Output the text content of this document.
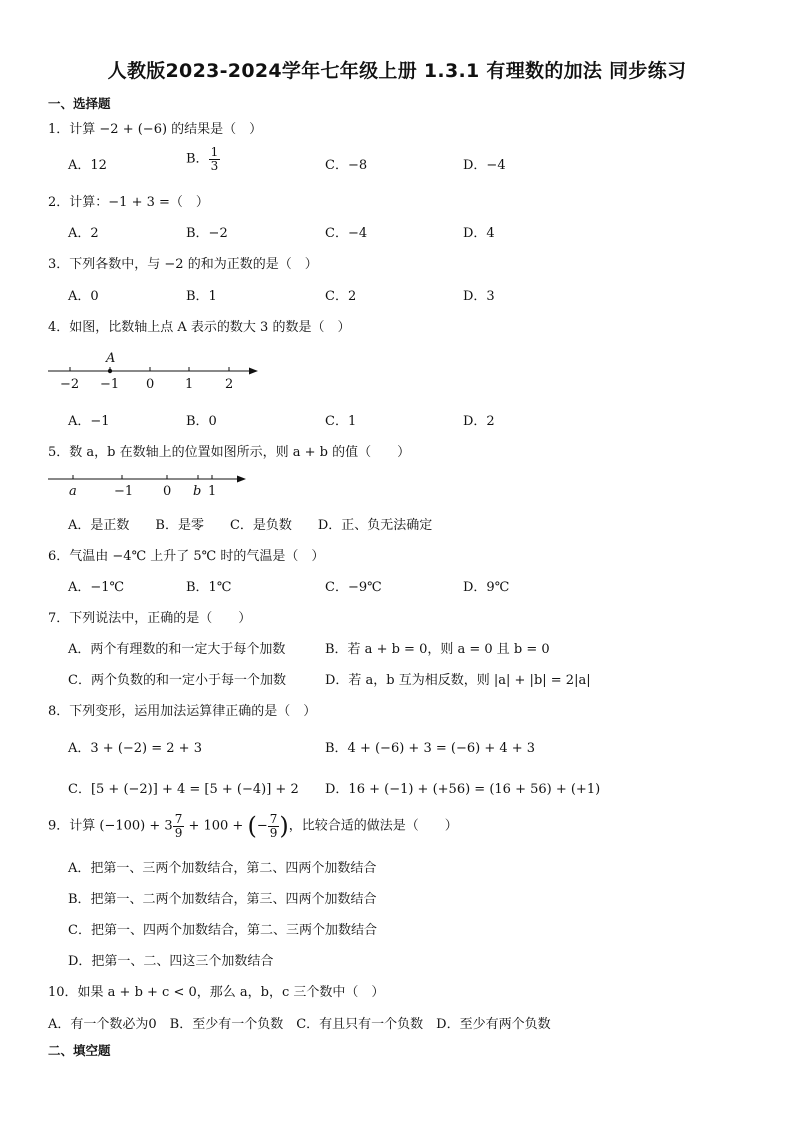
人教版2023-2024学年七年级上册 1.3.1 有理数的加法 同步练习
一、选择题
1．计算 −2 + (−6) 的结果是（　）
A．12	B． $\frac{1}{3}$	C．−8	D．−4
2．计算：−1 + 3 =（　）
A．2	B．−2	C．−4	D．4
3．下列各数中，与 −2 的和为正数的是（　）
A．0	B．1	C．2	D．3
4．如图，比数轴上点 A 表示的数大 3 的数是（　）
A
−2 −1 0 1 2
A．−1	B．0	C．1	D．2
5．数 a，b 在数轴上的位置如图所示，则 a + b 的值（　　）
a	−1 0 b 1
A．是正数　　B．是零　　C．是负数　　D．正、负无法确定
6．气温由 −4℃ 上升了 5℃ 时的气温是（　）
A．−1℃	B．1℃	C．−9℃	D．9℃
7．下列说法中，正确的是（　　）
A．两个有理数的和一定大于每个加数	B．若 a + b = 0，则 a = 0 且 b = 0
C．两个负数的和一定小于每一个加数	D．若 a，b 互为相反数，则 |a| + |b| = 2|a|
8．下列变形，运用加法运算律正确的是（　）
A．3 + (−2) = 2 + 3	B．4 + (−6) + 3 = (−6) + 4 + 3
C．[5 + (−2)] + 4 = [5 + (−4)] + 2 D．16 + (−1) + (+56) = (16 + 56) + (+1)
9．计算 $(-100) + 3 \frac{7}{9} + 100$ + (− $\frac{7}{9}$ )，比较合适的做法是（　　）
A．把第一、三两个加数结合，第二、四两个加数结合
B．把第一、二两个加数结合，第三、四两个加数结合
C．把第一、四两个加数结合，第二、三两个加数结合
D．把第一、二、四这三个加数结合
10．如果 a + b + c < 0，那么 a，b，c 三个数中（　）
A．有一个数必为0　B．至少有一个负数　C．有且只有一个负数　D．至少有两个负数
二、填空题
